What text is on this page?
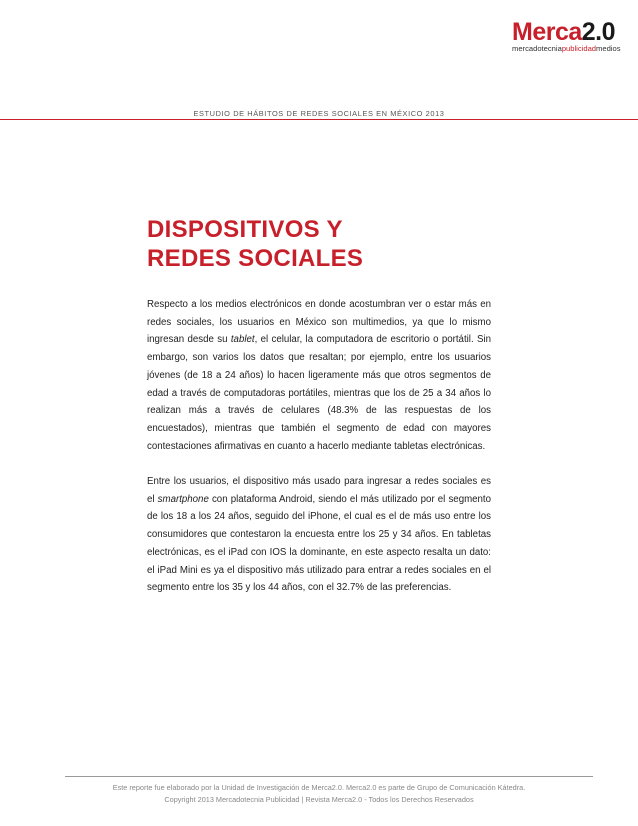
Merca2.0
mercadotecniapublicidadmedios
ESTUDIO DE HÁBITOS DE REDES SOCIALES EN MÉXICO 2013
DISPOSITIVOS Y
REDES SOCIALES

Respecto a los medios electrónicos en donde acostumbran ver o estar más en redes sociales, los usuarios en México son multimedios, ya que lo mismo ingresan desde su tablet, el celular, la computadora de escritorio o portátil. Sin embargo, son varios los datos que resaltan; por ejemplo, entre los usuarios jóvenes (de 18 a 24 años) lo hacen ligeramente más que otros segmentos de edad a través de computadoras portátiles, mientras que los de 25 a 34 años lo realizan más a través de celulares (48.3% de las respuestas de los encuestados), mientras que también el segmento de edad con mayores contestaciones afirmativas en cuanto a hacerlo mediante tabletas electrónicas.

Entre los usuarios, el dispositivo más usado para ingresar a redes sociales es el smartphone con plataforma Android, siendo el más utilizado por el segmento de los 18 a los 24 años, seguido del iPhone, el cual es el de más uso entre los consumidores que contestaron la encuesta entre los 25 y 34 años. En tabletas electrónicas, es el iPad con IOS la dominante, en este aspecto resalta un dato: el iPad Mini es ya el dispositivo más utilizado para entrar a redes sociales en el segmento entre los 35 y los 44 años, con el 32.7% de las preferencias.

Este reporte fue elaborado por la Unidad de Investigación de Merca2.0. Merca2.0 es parte de Grupo de Comunicación Kátedra.
Copyright 2013 Mercadotecnia Publicidad | Revista Merca2.0 - Todos los Derechos Reservados
